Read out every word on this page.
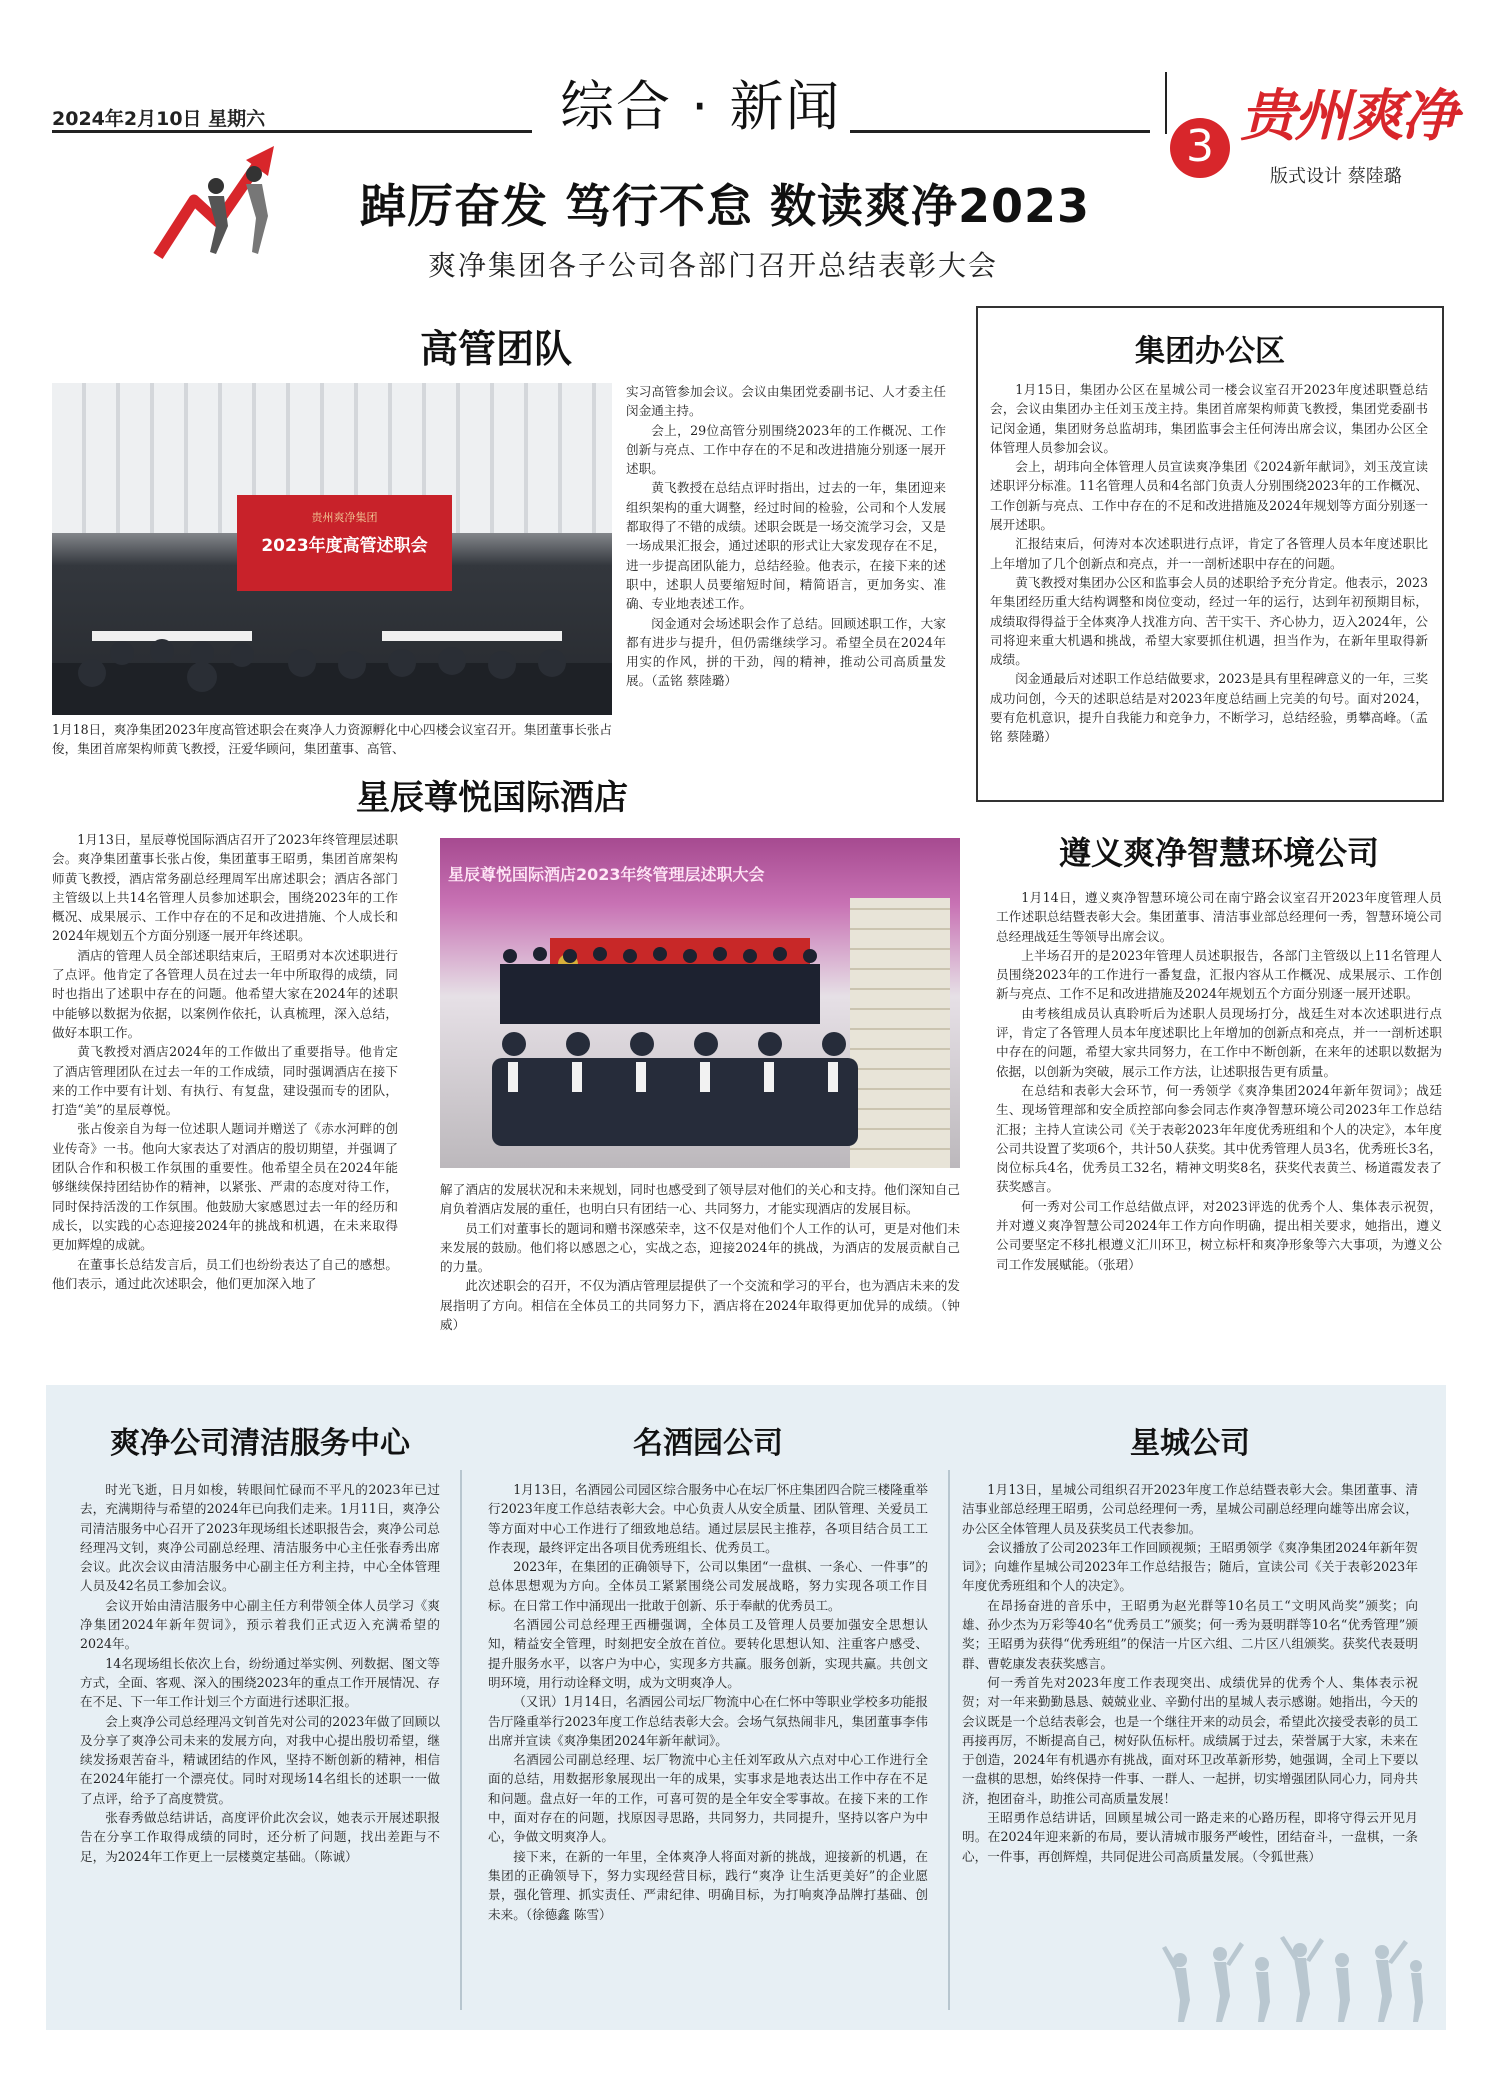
2024年2月10日 星期六	综合 · 新闻
3 贵州爽净
版式设计 蔡陸璐
踔厉奋发 笃行不怠 数读爽净2023
爽净集团各子公司各部门召开总结表彰大会
高管团队
贵州爽净集团
2023年度高管述职会
1月18日，爽净集团2023年度高管述职会在爽净人力资源孵化中心四楼会议室召开。集团董事长张占俊，集团首席架构师黄飞教授，汪爱华顾问，集团董事、高管、

实习高管参加会议。会议由集团党委副书记、人才委主任闵金通主持。

会上，29位高管分别围绕2023年的工作概况、工作创新与亮点、工作中存在的不足和改进措施分别逐一展开述职。

黄飞教授在总结点评时指出，过去的一年，集团迎来组织架构的重大调整，经过时间的检验，公司和个人发展都取得了不错的成绩。述职会既是一场交流学习会，又是一场成果汇报会，通过述职的形式让大家发现存在不足，进一步提高团队能力，总结经验。他表示，在接下来的述职中，述职人员要缩短时间，精简语言，更加务实、准确、专业地表述工作。

闵金通对会场述职会作了总结。回顾述职工作，大家都有进步与提升，但仍需继续学习。希望全员在2024年用实的作风，拼的干劲，闯的精神，推动公司高质量发展。（孟铭 蔡陸璐）

集团办公区

1月15日，集团办公区在星城公司一楼会议室召开2023年度述职暨总结会，会议由集团办主任刘玉茂主持。集团首席架构师黄飞教授，集团党委副书记闵金通，集团财务总监胡玮，集团监事会主任何涛出席会议，集团办公区全体管理人员参加会议。

会上，胡玮向全体管理人员宣读爽净集团《2024新年献词》，刘玉茂宣读述职评分标准。11名管理人员和4名部门负责人分别围绕2023年的工作概况、工作创新与亮点、工作中存在的不足和改进措施及2024年规划等方面分别逐一展开述职。

汇报结束后，何涛对本次述职进行点评，肯定了各管理人员本年度述职比上年增加了几个创新点和亮点，并一一剖析述职中存在的问题。

黄飞教授对集团办公区和监事会人员的述职给予充分肯定。他表示，2023年集团经历重大结构调整和岗位变动，经过一年的运行，达到年初预期目标，成绩取得得益于全体爽净人找准方向、苦干实干、齐心协力，迈入2024年，公司将迎来重大机遇和挑战，希望大家要抓住机遇，担当作为，在新年里取得新成绩。

闵金通最后对述职工作总结做要求，2023是具有里程碑意义的一年，三奖成功问创，今天的述职总结是对2023年度总结画上完美的句号。面对2024，要有危机意识，提升自我能力和竞争力，不断学习，总结经验，勇攀高峰。（孟铭 蔡陸璐）

星辰尊悦国际酒店

1月13日，星辰尊悦国际酒店召开了2023年终管理层述职会。爽净集团董事长张占俊，集团董事王昭勇，集团首席架构师黄飞教授，酒店常务副总经理周军出席述职会；酒店各部门主管级以上共14名管理人员参加述职会，围绕2023年的工作概况、成果展示、工作中存在的不足和改进措施、个人成长和2024年规划五个方面分别逐一展开年终述职。

酒店的管理人员全部述职结束后，王昭勇对本次述职进行了点评。他肯定了各管理人员在过去一年中所取得的成绩，同时也指出了述职中存在的问题。他希望大家在2024年的述职中能够以数据为依据，以案例作依托，认真梳理，深入总结，做好本职工作。

黄飞教授对酒店2024年的工作做出了重要指导。他肯定了酒店管理团队在过去一年的工作成绩，同时强调酒店在接下来的工作中要有计划、有执行、有复盘，建设强而专的团队，打造“美”的星辰尊悦。

张占俊亲自为每一位述职人题词并赠送了《赤水河畔的创业传奇》一书。他向大家表达了对酒店的殷切期望，并强调了团队合作和积极工作氛围的重要性。他希望全员在2024年能够继续保持团结协作的精神，以紧张、严肃的态度对待工作，同时保持活泼的工作氛围。他鼓励大家感恩过去一年的经历和成长，以实践的心态迎接2024年的挑战和机遇，在未来取得更加辉煌的成就。

在董事长总结发言后，员工们也纷纷表达了自己的感想。他们表示，通过此次述职会，他们更加深入地了

星辰尊悦国际酒店2023年终管理层述职大会

解了酒店的发展状况和未来规划，同时也感受到了领导层对他们的关心和支持。他们深知自己肩负着酒店发展的重任，也明白只有团结一心、共同努力，才能实现酒店的发展目标。

员工们对董事长的题词和赠书深感荣幸，这不仅是对他们个人工作的认可，更是对他们未来发展的鼓励。他们将以感恩之心，实战之态，迎接2024年的挑战，为酒店的发展贡献自己的力量。

此次述职会的召开，不仅为酒店管理层提供了一个交流和学习的平台，也为酒店未来的发展指明了方向。相信在全体员工的共同努力下，酒店将在2024年取得更加优异的成绩。（钟威）

遵义爽净智慧环境公司

1月14日，遵义爽净智慧环境公司在南宁路会议室召开2023年度管理人员工作述职总结暨表彰大会。集团董事、清洁事业部总经理何一秀，智慧环境公司总经理战廷生等领导出席会议。

上半场召开的是2023年管理人员述职报告，各部门主管级以上11名管理人员围绕2023年的工作进行一番复盘，汇报内容从工作概况、成果展示、工作创新与亮点、工作不足和改进措施及2024年规划五个方面分别逐一展开述职。

由考核组成员认真聆听后为述职人员现场打分，战廷生对本次述职进行点评，肯定了各管理人员本年度述职比上年增加的创新点和亮点，并一一剖析述职中存在的问题，希望大家共同努力，在工作中不断创新，在来年的述职以数据为依据，以创新为突破，展示工作方法，让述职报告更有质量。

在总结和表彰大会环节，何一秀领学《爽净集团2024年新年贺词》；战廷生、现场管理部和安全质控部向参会同志作爽净智慧环境公司2023年工作总结汇报；主持人宣读公司《关于表彰2023年年度优秀班组和个人的决定》，本年度公司共设置了奖项6个，共计50人获奖。其中优秀管理人员3名，优秀班长3名，岗位标兵4名，优秀员工32名，精神文明奖8名，获奖代表黄兰、杨道霞发表了获奖感言。

何一秀对公司工作总结做点评，对2023评选的优秀个人、集体表示祝贺，并对遵义爽净智慧公司2024年工作方向作明确，提出相关要求，她指出，遵义公司要坚定不移扎根遵义汇川环卫，树立标杆和爽净形象等六大事项，为遵义公司工作发展赋能。（张珺）

爽净公司清洁服务中心

时光飞逝，日月如梭，转眼间忙碌而不平凡的2023年已过去，充满期待与希望的2024年已向我们走来。1月11日，爽净公司清洁服务中心召开了2023年现场组长述职报告会，爽净公司总经理冯文钊，爽净公司副总经理、清洁服务中心主任张春秀出席会议。此次会议由清洁服务中心副主任方利主持，中心全体管理人员及42名员工参加会议。

会议开始由清洁服务中心副主任方利带领全体人员学习《爽净集团2024年新年贺词》，预示着我们正式迈入充满希望的2024年。

14名现场组长依次上台，纷纷通过举实例、列数据、图文等方式，全面、客观、深入的围绕2023年的重点工作开展情况、存在不足、下一年工作计划三个方面进行述职汇报。

会上爽净公司总经理冯文钊首先对公司的2023年做了回顾以及分享了爽净公司未来的发展方向，对我中心提出殷切希望，继续发扬艰苦奋斗，精诚团结的作风，坚持不断创新的精神，相信在2024年能打一个漂亮仗。同时对现场14名组长的述职一一做了点评，给予了高度赞赏。

张春秀做总结讲话，高度评价此次会议，她表示开展述职报告在分享工作取得成绩的同时，还分析了问题，找出差距与不足，为2024年工作更上一层楼奠定基础。（陈诚）

名酒园公司

1月13日，名酒园公司园区综合服务中心在坛厂怀庄集团四合院三楼隆重举行2023年度工作总结表彰大会。中心负责人从安全质量、团队管理、关爱员工等方面对中心工作进行了细致地总结。通过层层民主推荐，各项目结合员工工作表现，最终评定出各项目优秀班组长、优秀员工。

2023年，在集团的正确领导下，公司以集团“一盘棋、一条心、一件事”的总体思想观为方向。全体员工紧紧围绕公司发展战略，努力实现各项工作目标。在日常工作中涌现出一批敢于创新、乐于奉献的优秀员工。

名酒园公司总经理王西栅强调，全体员工及管理人员要加强安全思想认知，精益安全管理，时刻把安全放在首位。要转化思想认知、注重客户感受、提升服务水平，以客户为中心，实现多方共赢。服务创新，实现共赢。共创文明环境，用行动诠释文明，成为文明爽净人。

（又讯）1月14日，名酒园公司坛厂物流中心在仁怀中等职业学校多功能报告厅隆重举行2023年度工作总结表彰大会。会场气氛热闹非凡，集团董事李伟出席并宣读《爽净集团2024年新年献词》。

名酒园公司副总经理、坛厂物流中心主任刘军政从六点对中心工作进行全面的总结，用数据形象展现出一年的成果，实事求是地表达出工作中存在不足和问题。盘点好一年的工作，可喜可贺的是全年安全零事故。在接下来的工作中，面对存在的问题，找原因寻思路，共同努力，共同提升，坚持以客户为中心，争做文明爽净人。

接下来，在新的一年里，全体爽净人将面对新的挑战，迎接新的机遇，在集团的正确领导下，努力实现经营目标，践行“爽净 让生活更美好”的企业愿景，强化管理、抓实责任、严肃纪律、明确目标，为打响爽净品牌打基础、创未来。（徐德鑫 陈雪）

星城公司

1月13日，星城公司组织召开2023年度工作总结暨表彰大会。集团董事、清洁事业部总经理王昭勇，公司总经理何一秀，星城公司副总经理向雄等出席会议，办公区全体管理人员及获奖员工代表参加。

会议播放了公司2023年工作回顾视频；王昭勇领学《爽净集团2024年新年贺词》；向雄作星城公司2023年工作总结报告；随后，宣读公司《关于表彰2023年年度优秀班组和个人的决定》。

在昂扬奋进的音乐中，王昭勇为赵光群等10名员工“文明风尚奖”颁奖；向雄、孙少杰为万彩等40名“优秀员工”颁奖；何一秀为聂明群等10名“优秀管理”颁奖；王昭勇为获得“优秀班组”的保洁一片区六组、二片区八组颁奖。获奖代表聂明群、曹乾康发表获奖感言。

何一秀首先对2023年度工作表现突出、成绩优异的优秀个人、集体表示祝贺；对一年来勤勤恳恳、兢兢业业、辛勤付出的星城人表示感谢。她指出，今天的会议既是一个总结表彰会，也是一个继往开来的动员会，希望此次接受表彰的员工再接再厉，不断提高自己，树好队伍标杆。成绩属于过去，荣誉属于大家，未来在于创造，2024年有机遇亦有挑战，面对环卫改革新形势，她强调，全司上下要以一盘棋的思想，始终保持一件事、一群人、一起拼，切实增强团队同心力，同舟共济，抱团奋斗，助推公司高质量发展！

王昭勇作总结讲话，回顾星城公司一路走来的心路历程，即将守得云开见月明。在2024年迎来新的布局，要认清城市服务严峻性，团结奋斗，一盘棋，一条心，一件事，再创辉煌，共同促进公司高质量发展。（令狐世燕）
